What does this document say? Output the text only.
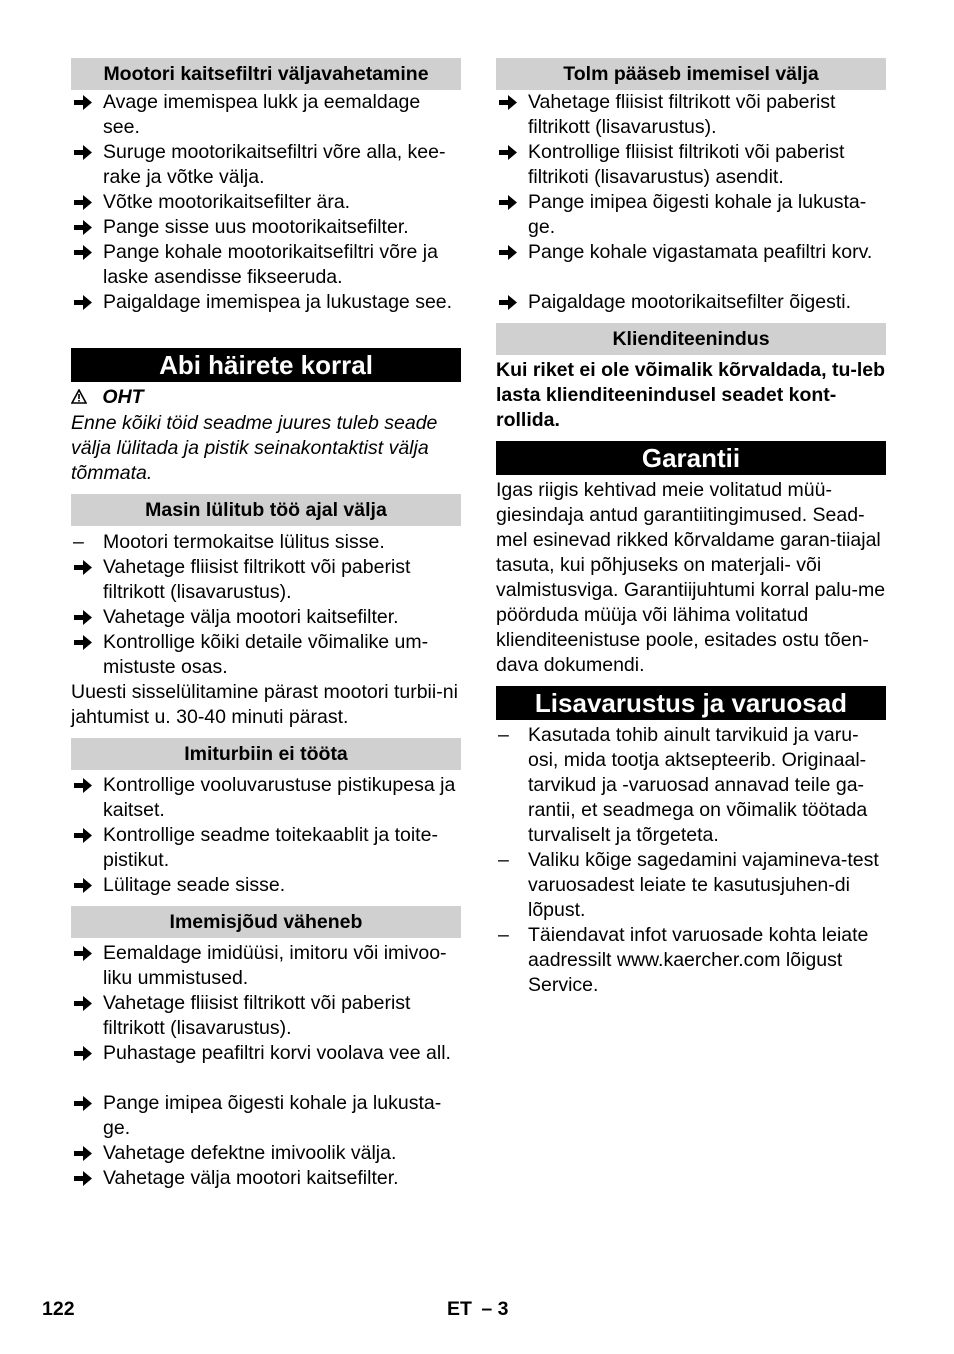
Mootori kaitsefiltri väljavahetamine
Avage imemispea lukk ja eemaldage see.
Suruge mootorikaitsefiltri võre alla, kee-rake ja võtke välja.
Võtke mootorikaitsefilter ära.
Pange sisse uus mootorikaitsefilter.
Pange kohale mootorikaitsefiltri võre ja laske asendisse fikseeruda.
Paigaldage imemispea ja lukustage see.
Abi häirete korral
OHT

Enne kõiki töid seadme juures tuleb seade välja lülitada ja pistik seinakontaktist välja tõmmata.

Masin lülitub töö ajal välja
– Mootori termokaitse lülitus sisse.
Vahetage fliisist filtrikott või paberist filtrikott (lisavarustus).
Vahetage välja mootori kaitsefilter.
Kontrollige kõiki detaile võimalike um-mistuste osas.

Uuesti sisselülitamine pärast mootori turbii-ni jahtumist u. 30-40 minuti pärast.

Imiturbiin ei tööta
Kontrollige vooluvarustuse pistikupesa ja kaitset.
Kontrollige seadme toitekaablit ja toite-pistikut.
Lülitage seade sisse.
Imemisjõud väheneb
Eemaldage imidüüsi, imitoru või imivoo-liku ummistused.
Vahetage fliisist filtrikott või paberist filtrikott (lisavarustus).
Puhastage peafiltri korvi voolava vee all.
Pange imipea õigesti kohale ja lukusta-ge.
Vahetage defektne imivoolik välja.
Vahetage välja mootori kaitsefilter.
Tolm pääseb imemisel välja
Vahetage fliisist filtrikott või paberist filtrikott (lisavarustus).
Kontrollige fliisist filtrikoti või paberist filtrikoti (lisavarustus) asendit.
Pange imipea õigesti kohale ja lukusta-ge.
Pange kohale vigastamata peafiltri korv.
Paigaldage mootorikaitsefilter õigesti.
Klienditeenindus

Kui riket ei ole võimalik kõrvaldada, tu-leb lasta klienditeenindusel seadet kont-rollida.

Garantii

Igas riigis kehtivad meie volitatud müü-giesindaja antud garantiitingimused. Sead-mel esinevad rikked kõrvaldame garan-tiiajal tasuta, kui põhjuseks on materjali- või valmistusviga. Garantiijuhtumi korral palu-me pöörduda müüja või lähima volitatud klienditeenistuse poole, esitades ostu tõen-dava dokumendi.

Lisavarustus ja varuosad
– Kasutada tohib ainult tarvikuid ja varu-osi, mida tootja aktsepteerib. Originaal-tarvikud ja -varuosad annavad teile ga-rantii, et seadmega on võimalik töötada turvaliselt ja tõrgeteta.
– Valiku kõige sagedamini vajamineva-test varuosadest leiate te kasutusjuhen-di lõpust.
– Täiendavat infot varuosade kohta leiate aadressilt www.kaercher.com lõigust Service.
122	ET – 3
